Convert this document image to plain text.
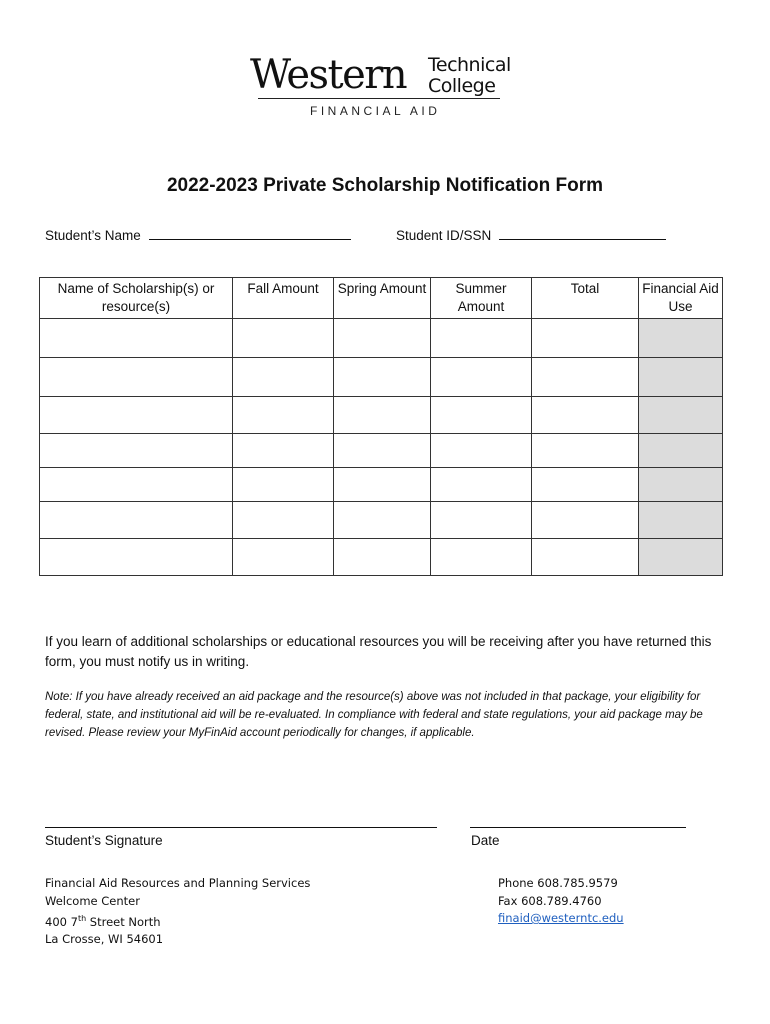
Western Technical
College
FINANCIAL AID
2022-2023 Private Scholarship Notification Form
Student’s Name	Student ID/SSN
Name of Scholarship(s) or resource(s)	Fall Amount	Spring Amount	Summer Amount	Total	Financial Aid Use

If you learn of additional scholarships or educational resources you will be receiving after you have returned this form, you must notify us in writing.
Note: If you have already received an aid package and the resource(s) above was not included in that package, your eligibility for federal, state, and institutional aid will be re-evaluated. In compliance with federal and state regulations, your aid package may be revised. Please review your MyFinAid account periodically for changes, if applicable.
Student’s Signature	Date
Financial Aid Resources and Planning Services
Welcome Center
400 7th Street North
La Crosse, WI 54601
Phone 608.785.9579
Fax 608.789.4760
finaid@westerntc.edu
